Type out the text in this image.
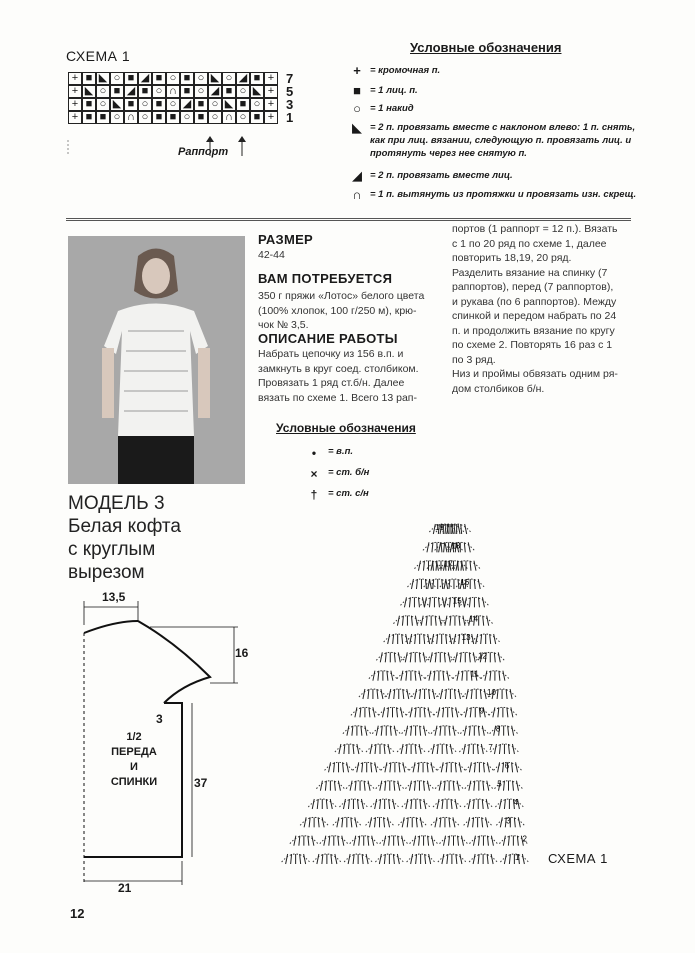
СХЕМА 1
+ ■ ◣ ○ ■ ◢ ■ ○ ■ ○ ◣ ○ ◢ ■ + 7
+ ◣ ○ ■ ◢ ■ ○ ∩ ■ ○ ◢ ■ ○ ◣ + 5
+ ■ ○ ◣ ■ ○ ■ ○ ◢ ■ ○ ◣ ■ ○ + 3
+ ■ ■ ○ ∩ ○ ■ ■ ○ ■ ○ ∩ ○ ■ + 1
Раппорт
Условные обозначения
+ = кромочная п.
■ = 1 лиц. п.
○ = 1 накид
◣ = 2 п. провязать вместе с наклоном влево: 1 п. снять, как при лиц. вязании, следующую п. провязать лиц. и протянуть через нее снятую п.
◢ = 2 п. провязать вместе лиц.
∩ = 1 п. вытянуть из протяжки и провязать изн. скрещ.
РАЗМЕР
42-44
ВАМ ПОТРЕБУЕТСЯ
350 г пряжи «Лотос» белого цвета
(100% хлопок, 100 г/250 м), крю-
чок № 3,5.
ОПИСАНИЕ РАБОТЫ
Набрать цепочку из 156 в.п. и
замкнуть в круг соед. столбиком.
Провязать 1 ряд ст.б/н. Далее
вязать по схеме 1. Всего 13 рап-
портов (1 раппорт = 12 п.). Вязать
с 1 по 20 ряд по схеме 1, далее
повторить 18,19, 20 ряд.
Разделить вязание на спинку (7
раппортов), перед (7 раппортов),
и рукава (по 6 раппортов). Между
спинкой и передом набрать по 24
п. и продолжить вязание по кругу
по схеме 2. Повторять 16 раз с 1
по 3 ряд.
Низ и проймы обвязать одним ря-
дом столбиков б/н.
МОДЕЛЬ 3
Белая кофта
с круглым
вырезом
Условные обозначения
•	= в.п.
× = ст. б/н
† = ст. с/н
1/2
ПЕРЕДА
И
СПИНКИ
13,5
16
3
37
21
19
18
17
16
15
14
13
12
11
10
9
8
7
6
5
4
3
2
1 СХЕМА 1
12
